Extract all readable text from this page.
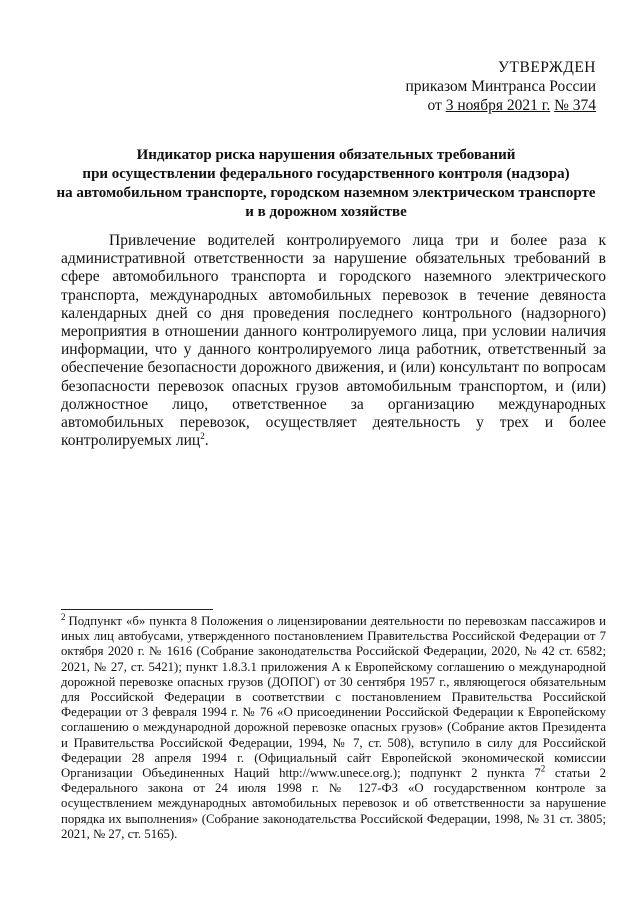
УТВЕРЖДЕН
приказом Минтранса России
от 3 ноября 2021 г. № 374
Индикатор риска нарушения обязательных требований
при осуществлении федерального государственного контроля (надзора)
на автомобильном транспорте, городском наземном электрическом транспорте
и в дорожном хозяйстве
Привлечение водителей контролируемого лица три и более раза к административной ответственности за нарушение обязательных требований в сфере автомобильного транспорта и городского наземного электрического транспорта, международных автомобильных перевозок в течение девяноста календарных дней со дня проведения последнего контрольного (надзорного) мероприятия в отношении данного контролируемого лица, при условии наличия информации, что у данного контролируемого лица работник, ответственный за обеспечение безопасности дорожного движения, и (или) консультант по вопросам безопасности перевозок опасных грузов автомобильным транспортом, и (или) должностное лицо, ответственное за организацию международных автомобильных перевозок, осуществляет деятельность у трех и более контролируемых лиц$^2$.
$^2$ Подпункт «б» пункта 8 Положения о лицензировании деятельности по перевозкам пассажиров и иных лиц автобусами, утвержденного постановлением Правительства Российской Федерации от 7 октября 2020 г. № 1616 (Собрание законодательства Российской Федерации, 2020, № 42 ст. 6582; 2021, № 27, ст. 5421); пункт 1.8.3.1 приложения А к Европейскому соглашению о международной дорожной перевозке опасных грузов (ДОПОГ) от 30 сентября 1957 г., являющегося обязательным для Российской Федерации в соответствии с постановлением Правительства Российской Федерации от 3 февраля 1994 г. № 76 «О присоединении Российской Федерации к Европейскому соглашению о международной дорожной перевозке опасных грузов» (Собрание актов Президента и Правительства Российской Федерации, 1994, № 7, ст. 508), вступило в силу для Российской Федерации 28 апреля 1994 г. (Официальный сайт Европейской экономической комиссии Организации Объединенных Наций http://www.unece.org.); подпункт 2 пункта $7^2$ статьи 2 Федерального закона от 24 июля 1998 г. № 127-ФЗ «О государственном контроле за осуществлением международных автомобильных перевозок и об ответственности за нарушение порядка их выполнения» (Собрание законодательства Российской Федерации, 1998, № 31 ст. 3805; 2021, № 27, ст. 5165).
